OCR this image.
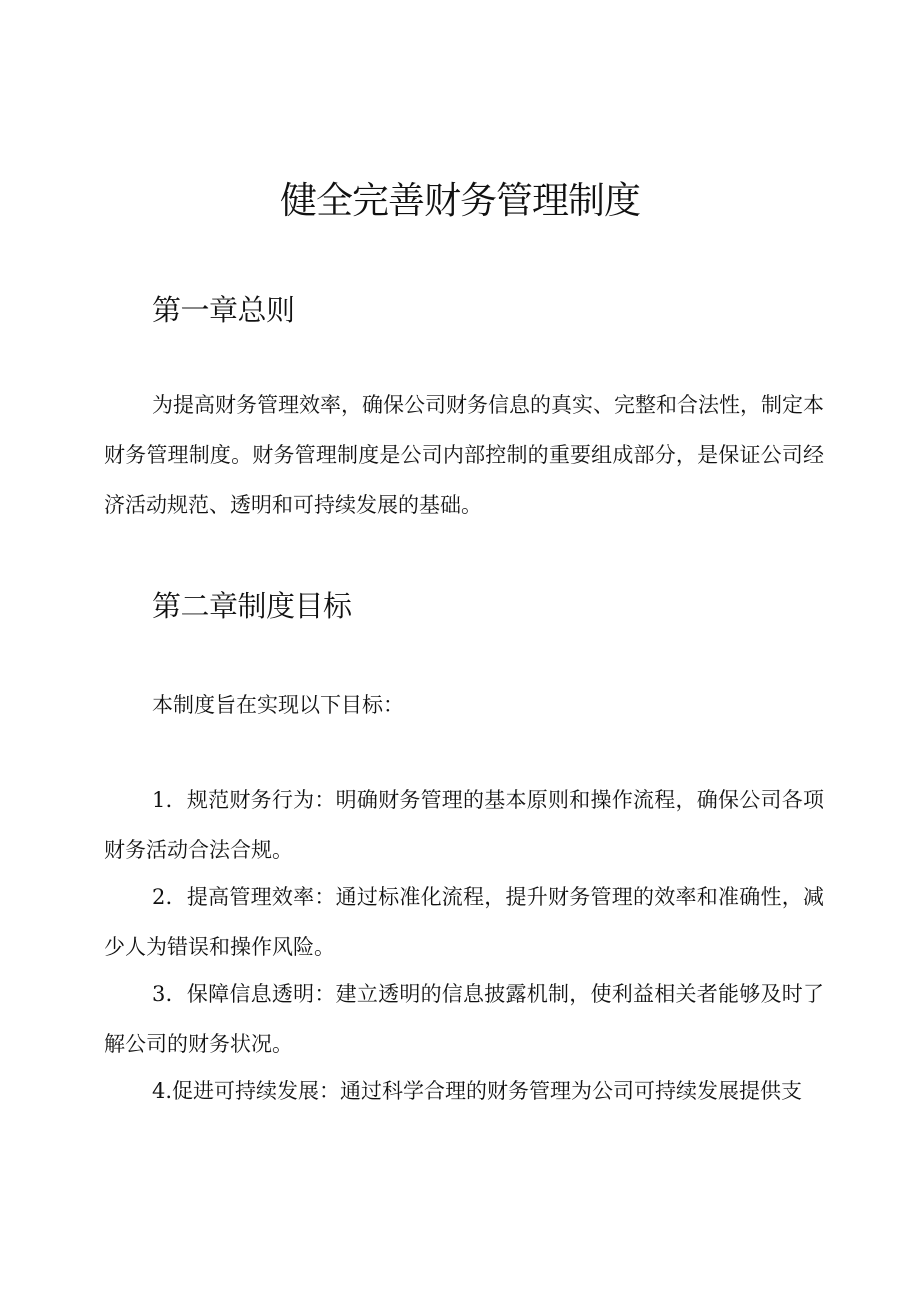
健全完善财务管理制度
第一章总则

为提高财务管理效率，确保公司财务信息的真实、完整和合法性，制定本财务管理制度。财务管理制度是公司内部控制的重要组成部分，是保证公司经济活动规范、透明和可持续发展的基础。

第二章制度目标

本制度旨在实现以下目标：

1．规范财务行为：明确财务管理的基本原则和操作流程，确保公司各项财务活动合法合规。

2．提高管理效率：通过标准化流程，提升财务管理的效率和准确性，减少人为错误和操作风险。

3．保障信息透明：建立透明的信息披露机制，使利益相关者能够及时了解公司的财务状况。

4.促进可持续发展：通过科学合理的财务管理为公司可持续发展提供支
